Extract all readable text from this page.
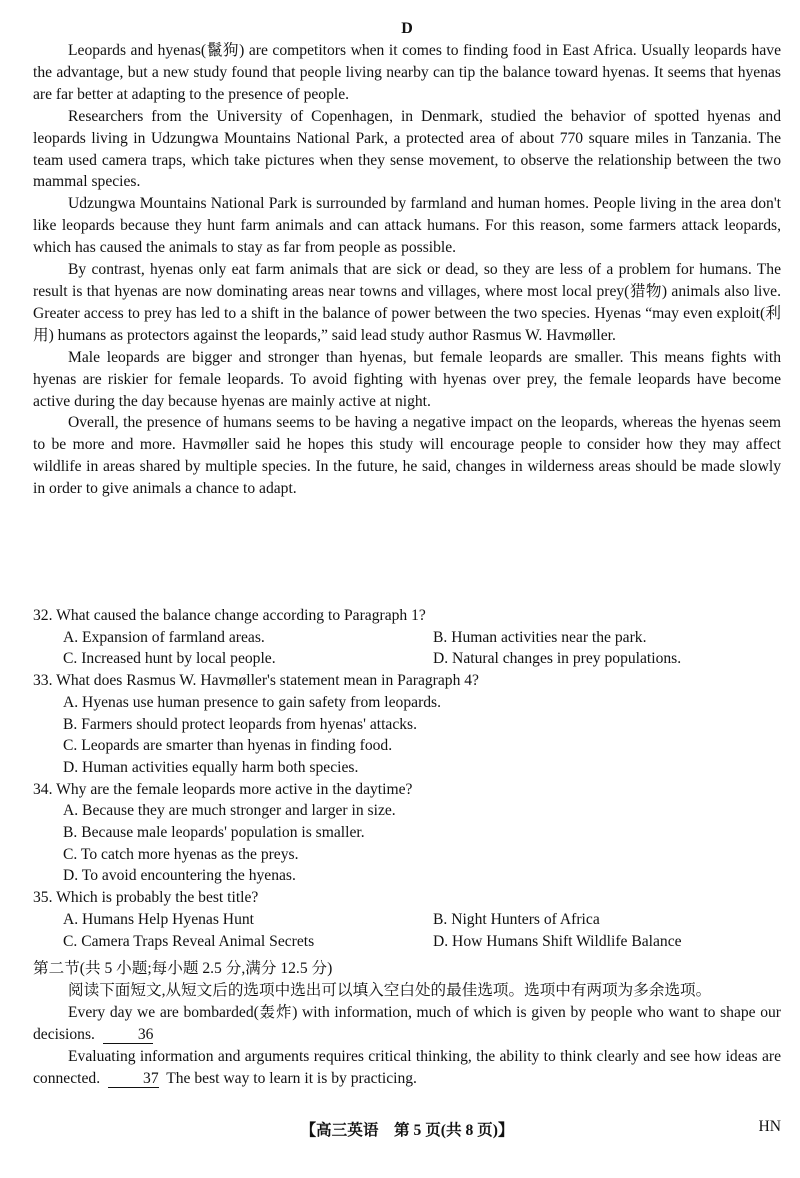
D

Leopards and hyenas(鬣狗) are competitors when it comes to finding food in East Africa. Usually leopards have the advantage, but a new study found that people living nearby can tip the balance toward hyenas. It seems that hyenas are far better at adapting to the presence of people.

Researchers from the University of Copenhagen, in Denmark, studied the behavior of spotted hyenas and leopards living in Udzungwa Mountains National Park, a protected area of about 770 square miles in Tanzania. The team used camera traps, which take pictures when they sense movement, to observe the relationship between the two mammal species.

Udzungwa Mountains National Park is surrounded by farmland and human homes. People living in the area don't like leopards because they hunt farm animals and can attack humans. For this reason, some farmers attack leopards, which has caused the animals to stay as far from people as possible.

By contrast, hyenas only eat farm animals that are sick or dead, so they are less of a problem for humans. The result is that hyenas are now dominating areas near towns and villages, where most local prey(猎物) animals also live. Greater access to prey has led to a shift in the balance of power between the two species. Hyenas “may even exploit(利用) humans as protectors against the leopards,” said lead study author Rasmus W. Havmøller.

Male leopards are bigger and stronger than hyenas, but female leopards are smaller. This means fights with hyenas are riskier for female leopards. To avoid fighting with hyenas over prey, the female leopards have become active during the day because hyenas are mainly active at night.

Overall, the presence of humans seems to be having a negative impact on the leopards, whereas the hyenas seem to be more and more. Havmøller said he hopes this study will encourage people to consider how they may affect wildlife in areas shared by multiple species. In the future, he said, changes in wilderness areas should be made slowly in order to give animals a chance to adapt.

32. What caused the balance change according to Paragraph 1?

A. Expansion of farmland areas.	B. Human activities near the park.
C. Increased hunt by local people.	D. Natural changes in prey populations.

33. What does Rasmus W. Havmøller's statement mean in Paragraph 4?

A. Hyenas use human presence to gain safety from leopards.
B. Farmers should protect leopards from hyenas' attacks.
C. Leopards are smarter than hyenas in finding food.
D. Human activities equally harm both species.

34. Why are the female leopards more active in the daytime?

A. Because they are much stronger and larger in size.
B. Because male leopards' population is smaller.
C. To catch more hyenas as the preys.
D. To avoid encountering the hyenas.

35. Which is probably the best title?

A. Humans Help Hyenas Hunt	B. Night Hunters of Africa
C. Camera Traps Reveal Animal Secrets	D. How Humans Shift Wildlife Balance

第二节(共 5 小题;每小题 2.5 分,满分 12.5 分)

阅读下面短文,从短文后的选项中选出可以填入空白处的最佳选项。选项中有两项为多余选项。

Every day we are bombarded(轰炸) with information, much of which is given by people who want to shape our decisions.	36

Evaluating information and arguments requires critical thinking, the ability to think clearly and see how ideas are connected.	37 The best way to learn it is by practicing.

【高三英语　第 5 页(共 8 页)】	HN
